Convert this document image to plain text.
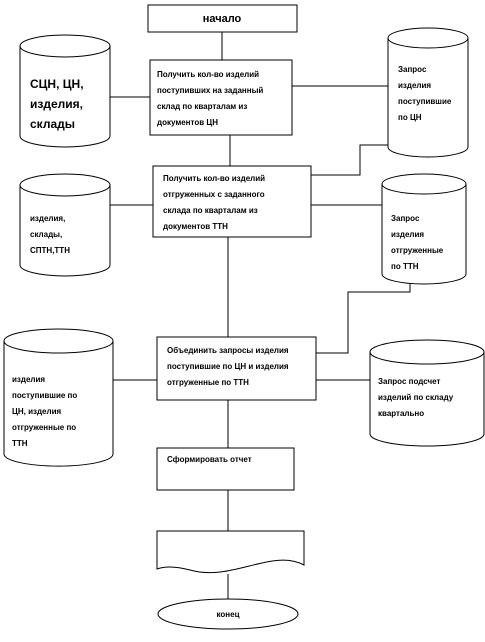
начало
Получить кол-во изделий поступивших на заданный склад по кварталам из документов ЦН
Получить кол-во изделий отгруженных с заданного склада по кварталам из документов ТТН
Объединить запросы изделия поступившие по ЦН и изделия отгруженные по ТТН
Сформировать отчет
конец
СЦН, ЦН, изделия, склады
изделия, склады, СПТН,ТТН
изделия поступившие по ЦН, изделия отгруженные по ТТН
Запрос изделия поступившие по ЦН
Запрос изделия отгруженные по ТТН
Запрос подсчет изделий по складу квартально
